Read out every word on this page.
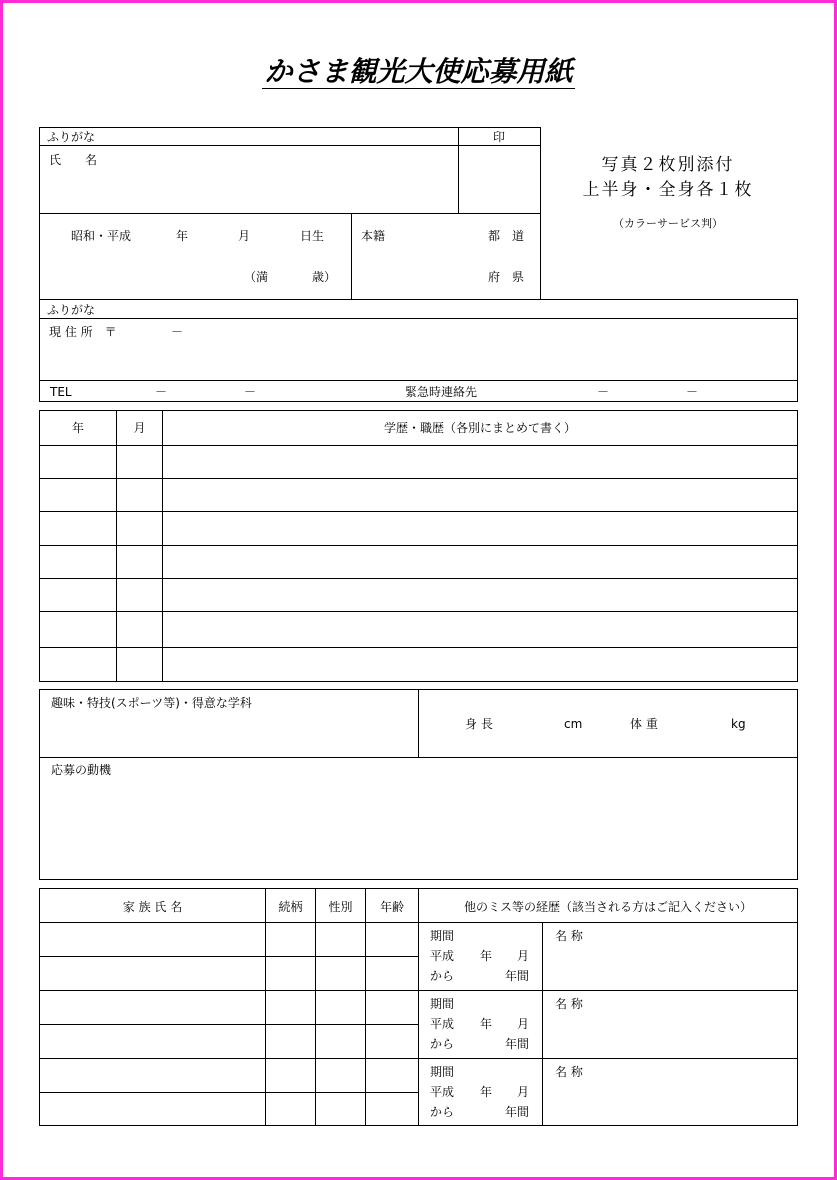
かさま観光大使応募用紙
ふりがな	印
氏　　名
昭和・平成	年	月	日生
（満	歳）
本籍	都　道
府　県
写真２枚別添付
上半身・全身各１枚
（カラーサービス判）
ふりがな
現 住 所　〒	－
TEL	－	－	緊急時連絡先	－	－
年	月	学歴・職歴（各別にまとめて書く）
趣味・特技(スポーツ等)・得意な学科
身 長	cm	体 重	kg
応募の動機
家 族 氏 名	続柄	性別	年齢	他のミス等の経歴（該当される方はご記入ください）
期間
平成 年 月
から	年間
名 称
期間
平成 年 月
から	年間
名 称
期間
平成 年 月
から	年間
名 称
